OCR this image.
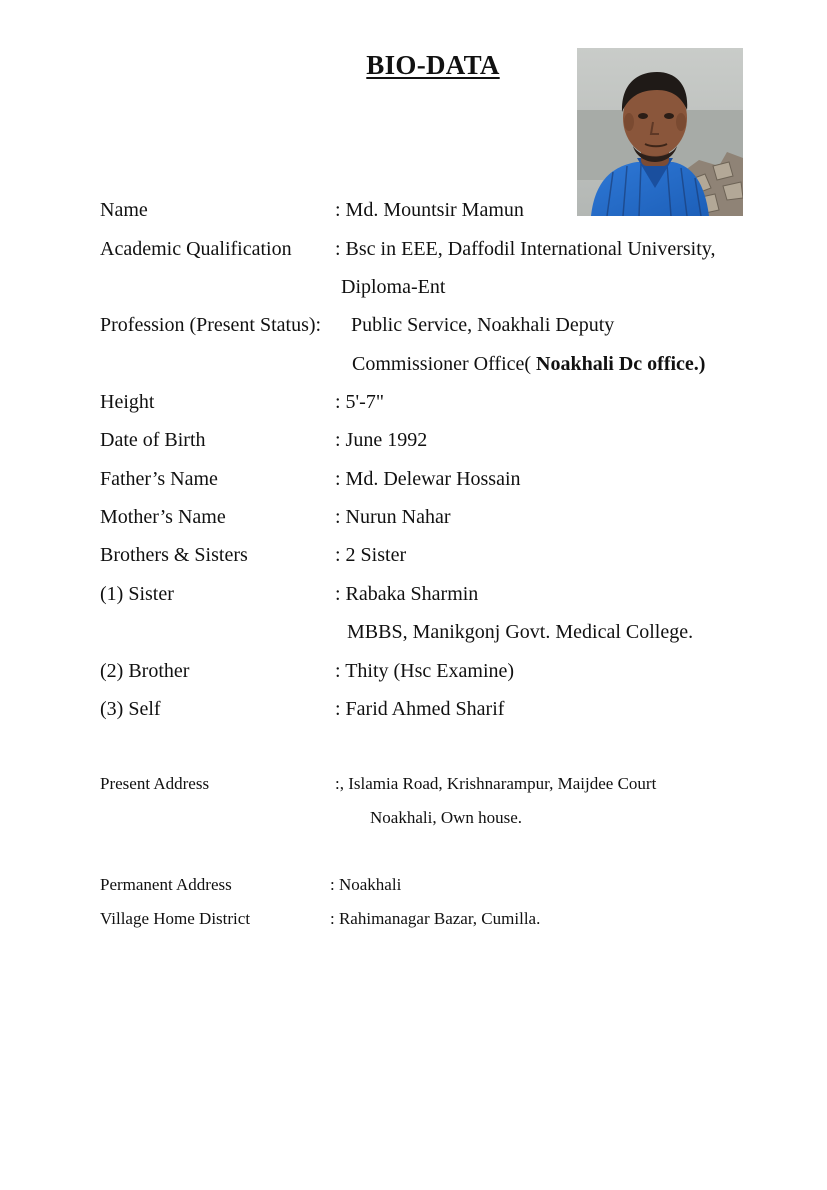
BIO-DATA
Name	: Md. Mountsir Mamun
Academic Qualification : Bsc in EEE, Daffodil International University,
Diploma-Ent
Profession (Present Status): Public Service, Noakhali Deputy
Commissioner Office( Noakhali Dc office.)
Height	: 5'-7"
Date of Birth	: June 1992
Father’s Name	: Md. Delewar Hossain
Mother’s Name	: Nurun Nahar
Brothers & Sisters	: 2 Sister
(1) Sister	: Rabaka Sharmin
MBBS, Manikgonj Govt. Medical College.
(2) Brother	: Thity (Hsc Examine)
(3) Self	: Farid Ahmed Sharif
Present Address	:, Islamia Road, Krishnarampur, Maijdee Court
Noakhali, Own house.
Permanent Address	: Noakhali
Village Home District	: Rahimanagar Bazar, Cumilla.
